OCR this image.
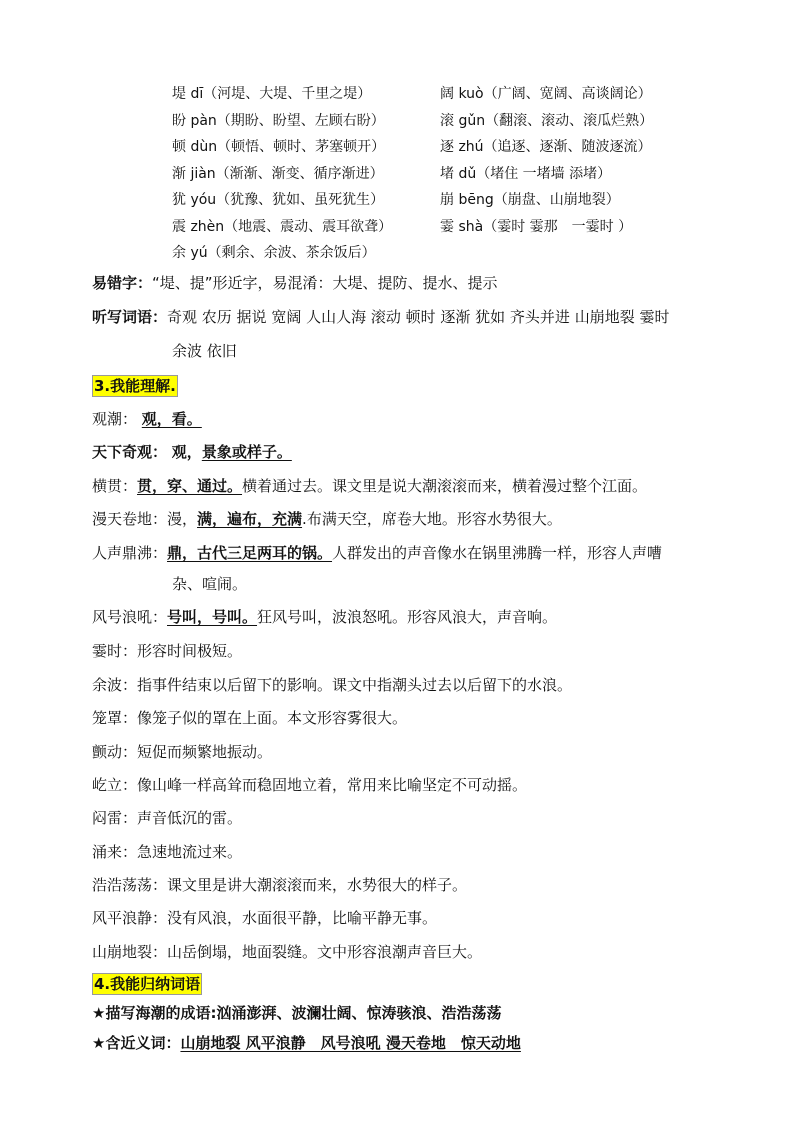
堤 dī（河堤、大堤、千里之堤）	阔 kuò（广阔、宽阔、高谈阔论）
盼 pàn（期盼、盼望、左顾右盼）	滚 gǔn（翻滚、滚动、滚瓜烂熟）
顿 dùn（顿悟、顿时、茅塞顿开）	逐 zhú（追逐、逐渐、随波逐流）
渐 jiàn（渐渐、渐变、循序渐进）	堵 dǔ（堵住 一堵墙 添堵）
犹 yóu（犹豫、犹如、虽死犹生）	崩 bēng（崩盘、山崩地裂）
震 zhèn（地震、震动、震耳欲聋）	霎 shà（霎时 霎那　一霎时 ）
余 yú（剩余、余波、茶余饭后）
易错字：“堤、提”形近字，易混淆：大堤、提防、提水、提示
听写词语：奇观 农历 据说 宽阔 人山人海 滚动 顿时 逐渐 犹如 齐头并进 山崩地裂 霎时
余波 依旧
3.我能理解.
观潮： 观，看。
天下奇观： 观，景象或样子。
横贯：贯，穿、通过。横着通过去。课文里是说大潮滚滚而来，横着漫过整个江面。
漫天卷地：漫，满，遍布，充满.布满天空，席卷大地。形容水势很大。
人声鼎沸：鼎，古代三足两耳的锅。人群发出的声音像水在锅里沸腾一样，形容人声嘈
杂、喧闹。
风号浪吼：号叫，号叫。狂风号叫，波浪怒吼。形容风浪大，声音响。
霎时：形容时间极短。
余波：指事件结束以后留下的影响。课文中指潮头过去以后留下的水浪。
笼罩：像笼子似的罩在上面。本文形容雾很大。
颤动：短促而频繁地振动。
屹立：像山峰一样高耸而稳固地立着，常用来比喻坚定不可动摇。
闷雷：声音低沉的雷。
涌来：急速地流过来。
浩浩荡荡：课文里是讲大潮滚滚而来，水势很大的样子。
风平浪静：没有风浪，水面很平静，比喻平静无事。
山崩地裂：山岳倒塌，地面裂缝。文中形容浪潮声音巨大。
4.我能归纳词语
★描写海潮的成语:汹涌澎湃、波澜壮阔、惊涛骇浪、浩浩荡荡
★含近义词：山崩地裂 风平浪静　风号浪吼 漫天卷地　惊天动地
